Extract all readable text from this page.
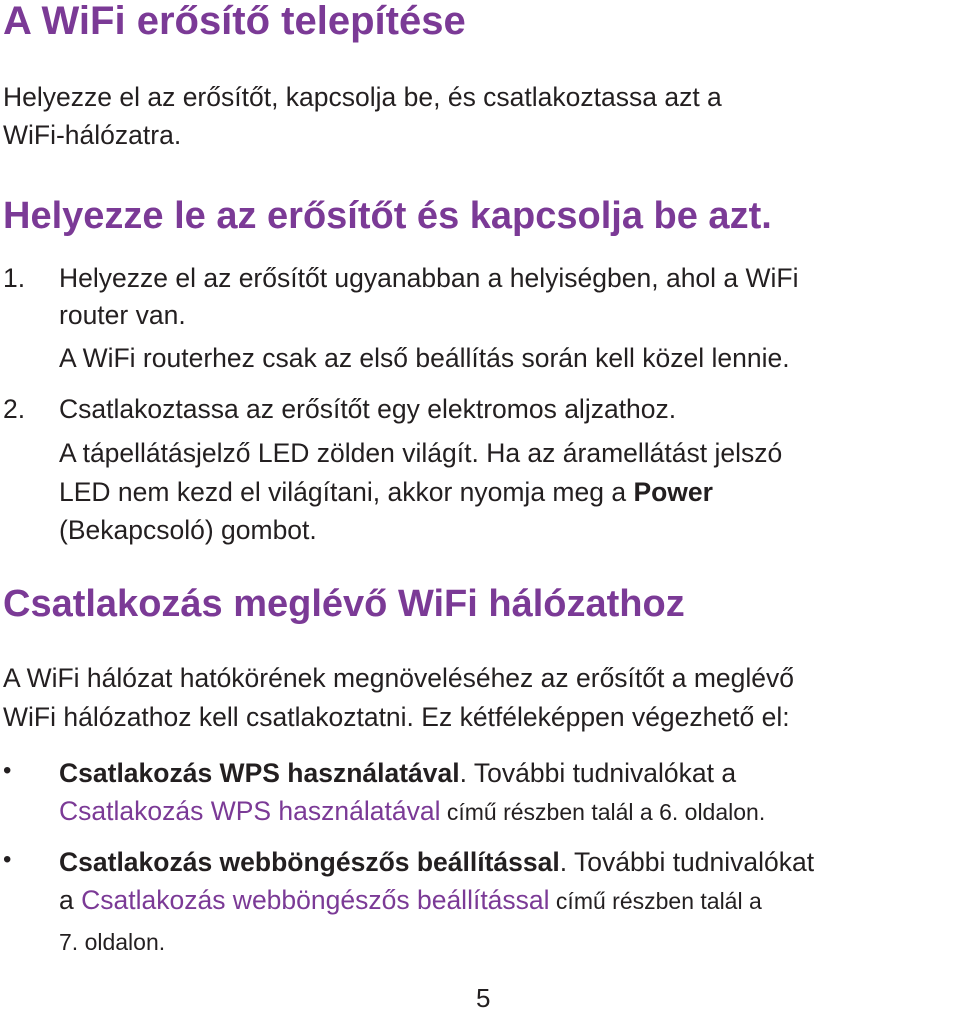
A WiFi erősítő telepítése
Helyezze el az erősítőt, kapcsolja be, és csatlakoztassa azt a
WiFi-hálózatra.
Helyezze le az erősítőt és kapcsolja be azt.
1. Helyezze el az erősítőt ugyanabban a helyiségben, ahol a WiFi
router van.
A WiFi routerhez csak az első beállítás során kell közel lennie.
2. Csatlakoztassa az erősítőt egy elektromos aljzathoz.
A tápellátásjelző LED zölden világít. Ha az áramellátást jelszó
LED nem kezd el világítani, akkor nyomja meg a Power
(Bekapcsoló) gombot.
Csatlakozás meglévő WiFi hálózathoz
A WiFi hálózat hatókörének megnöveléséhez az erősítőt a meglévő
WiFi hálózathoz kell csatlakoztatni. Ez kétféleképpen végezhető el:
• Csatlakozás WPS használatával. További tudnivalókat a
Csatlakozás WPS használatával című részben talál a 6. oldalon.
• Csatlakozás webböngészős beállítással. További tudnivalókat
a Csatlakozás webböngészős beállítással című részben talál a
7. oldalon.
5
